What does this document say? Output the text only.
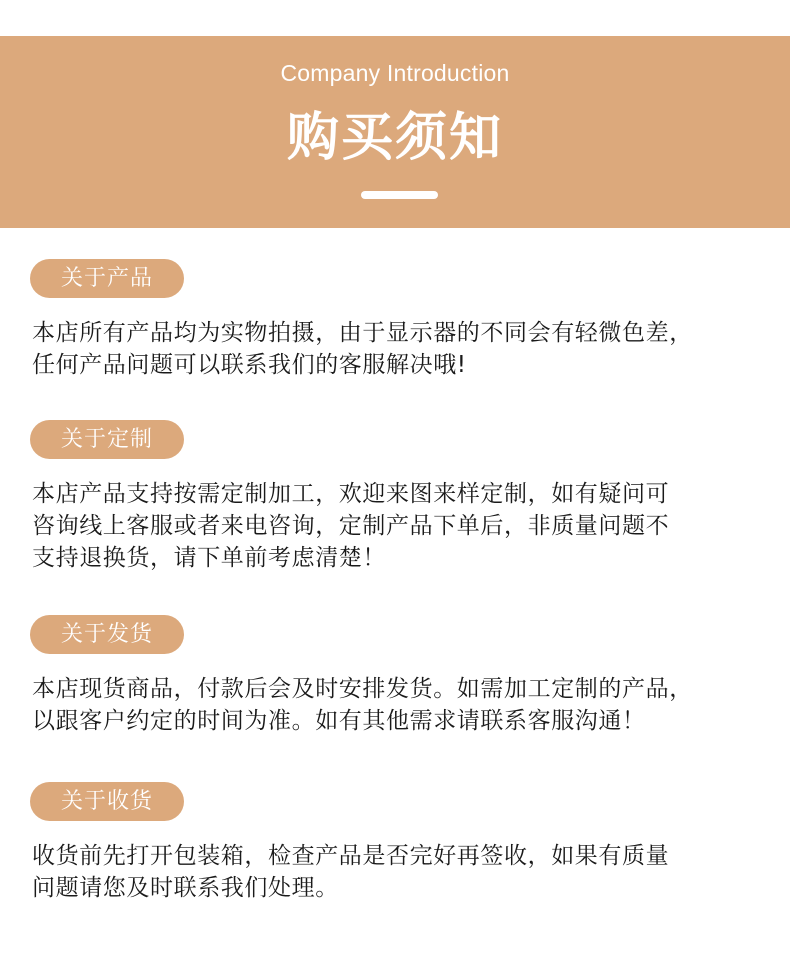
Company Introduction
购买须知
关于产品
本店所有产品均为实物拍摄，由于显示器的不同会有轻微色差，
任何产品问题可以联系我们的客服解决哦!
关于定制
本店产品支持按需定制加工，欢迎来图来样定制，如有疑问可
咨询线上客服或者来电咨询，定制产品下单后，非质量问题不
支持退换货，请下单前考虑清楚！
关于发货
本店现货商品，付款后会及时安排发货。如需加工定制的产品，
以跟客户约定的时间为准。如有其他需求请联系客服沟通！
关于收货
收货前先打开包装箱，检查产品是否完好再签收，如果有质量
问题请您及时联系我们处理。
